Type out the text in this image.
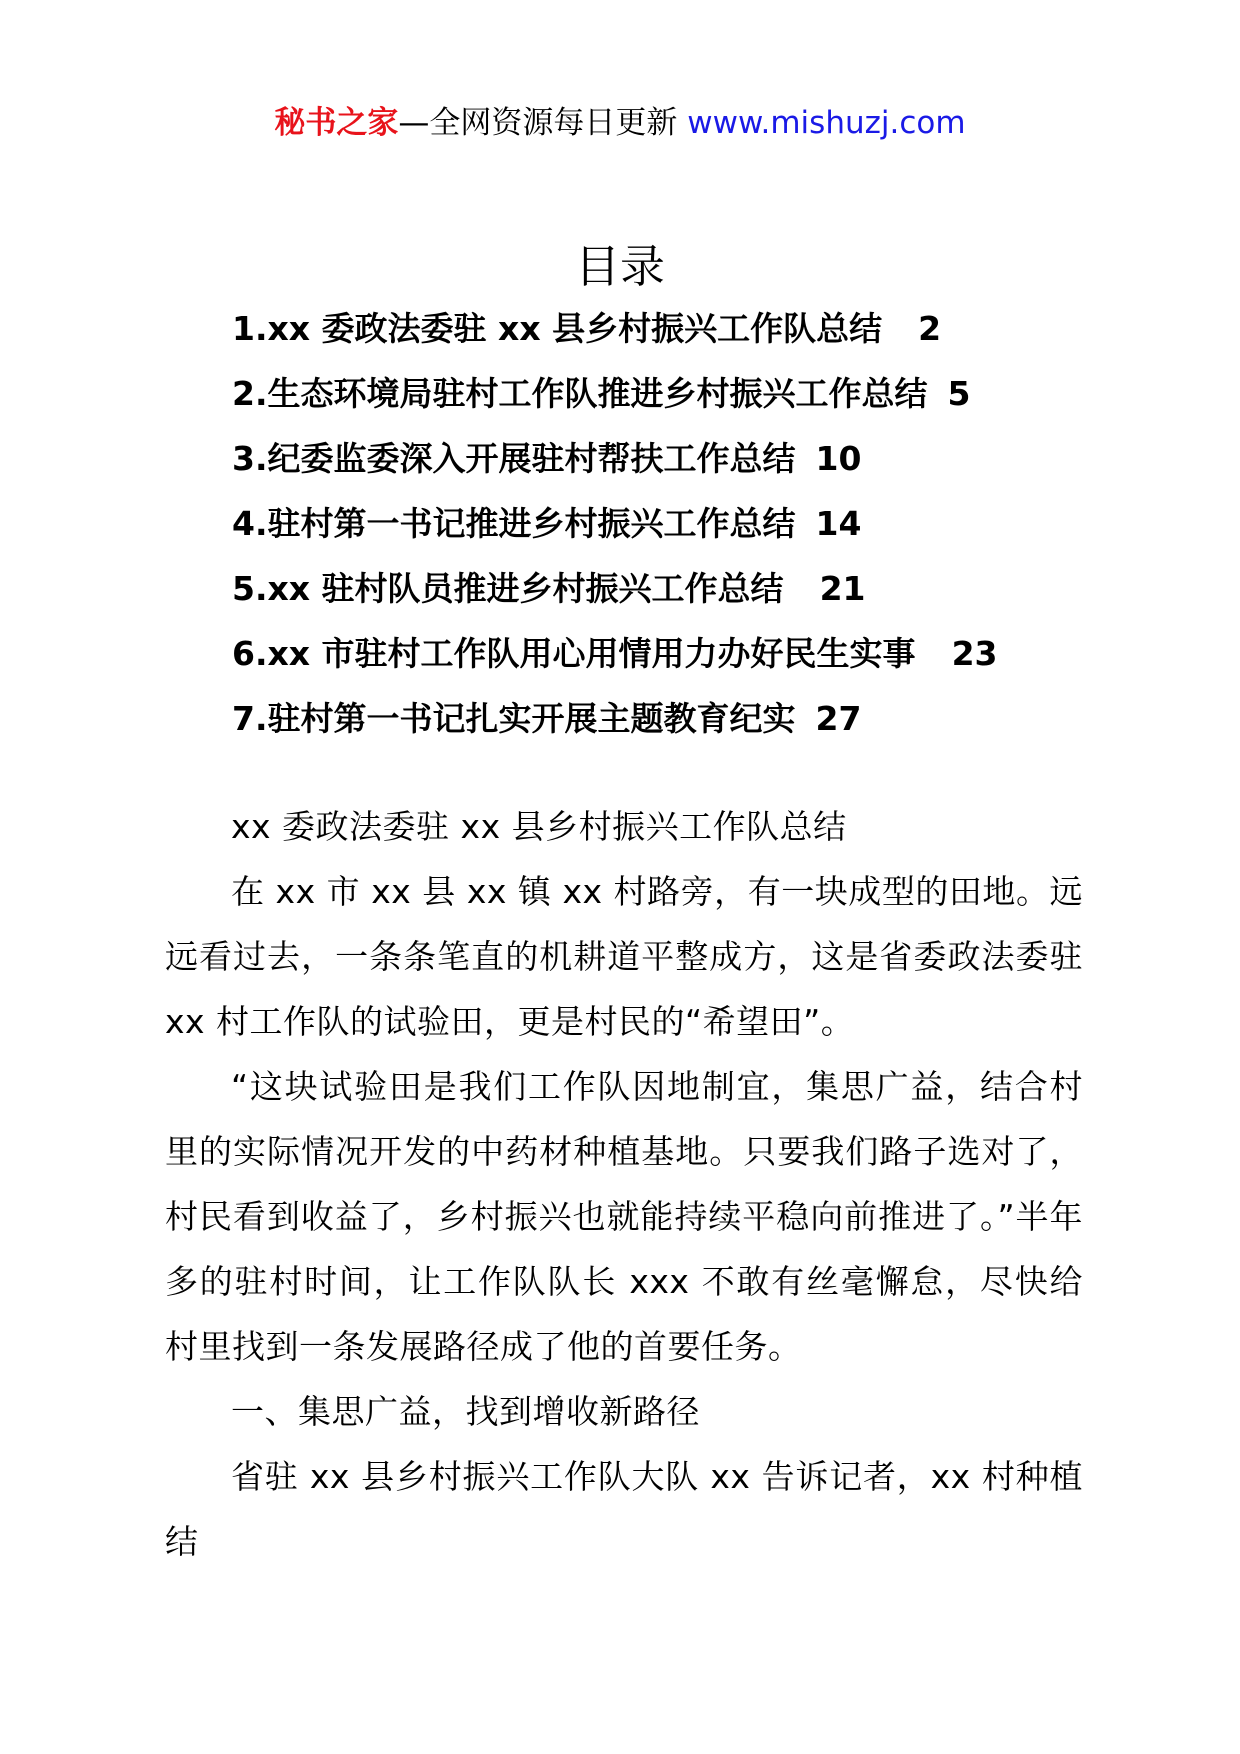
秘书之家—全网资源每日更新 www.mishuzj.com
目录
1.xx 委政法委驻 xx 县乡村振兴工作队总结 2
2.生态环境局驻村工作队推进乡村振兴工作总结 5
3.纪委监委深入开展驻村帮扶工作总结 10
4.驻村第一书记推进乡村振兴工作总结 14
5.xx 驻村队员推进乡村振兴工作总结 21
6.xx 市驻村工作队用心用情用力办好民生实事 23
7.驻村第一书记扎实开展主题教育纪实 27

xx 委政法委驻 xx 县乡村振兴工作队总结

在 xx 市 xx 县 xx 镇 xx 村路旁，有一块成型的田地。远远看过去，一条条笔直的机耕道平整成方，这是省委政法委驻 xx 村工作队的试验田，更是村民的“希望田”。

“这块试验田是我们工作队因地制宜，集思广益，结合村里的实际情况开发的中药材种植基地。只要我们路子选对了，村民看到收益了，乡村振兴也就能持续平稳向前推进了。”半年多的驻村时间，让工作队队长 xxx 不敢有丝毫懈怠，尽快给村里找到一条发展路径成了他的首要任务。

一、集思广益，找到增收新路径

省驻 xx 县乡村振兴工作队大队 xx 告诉记者，xx 村种植结
